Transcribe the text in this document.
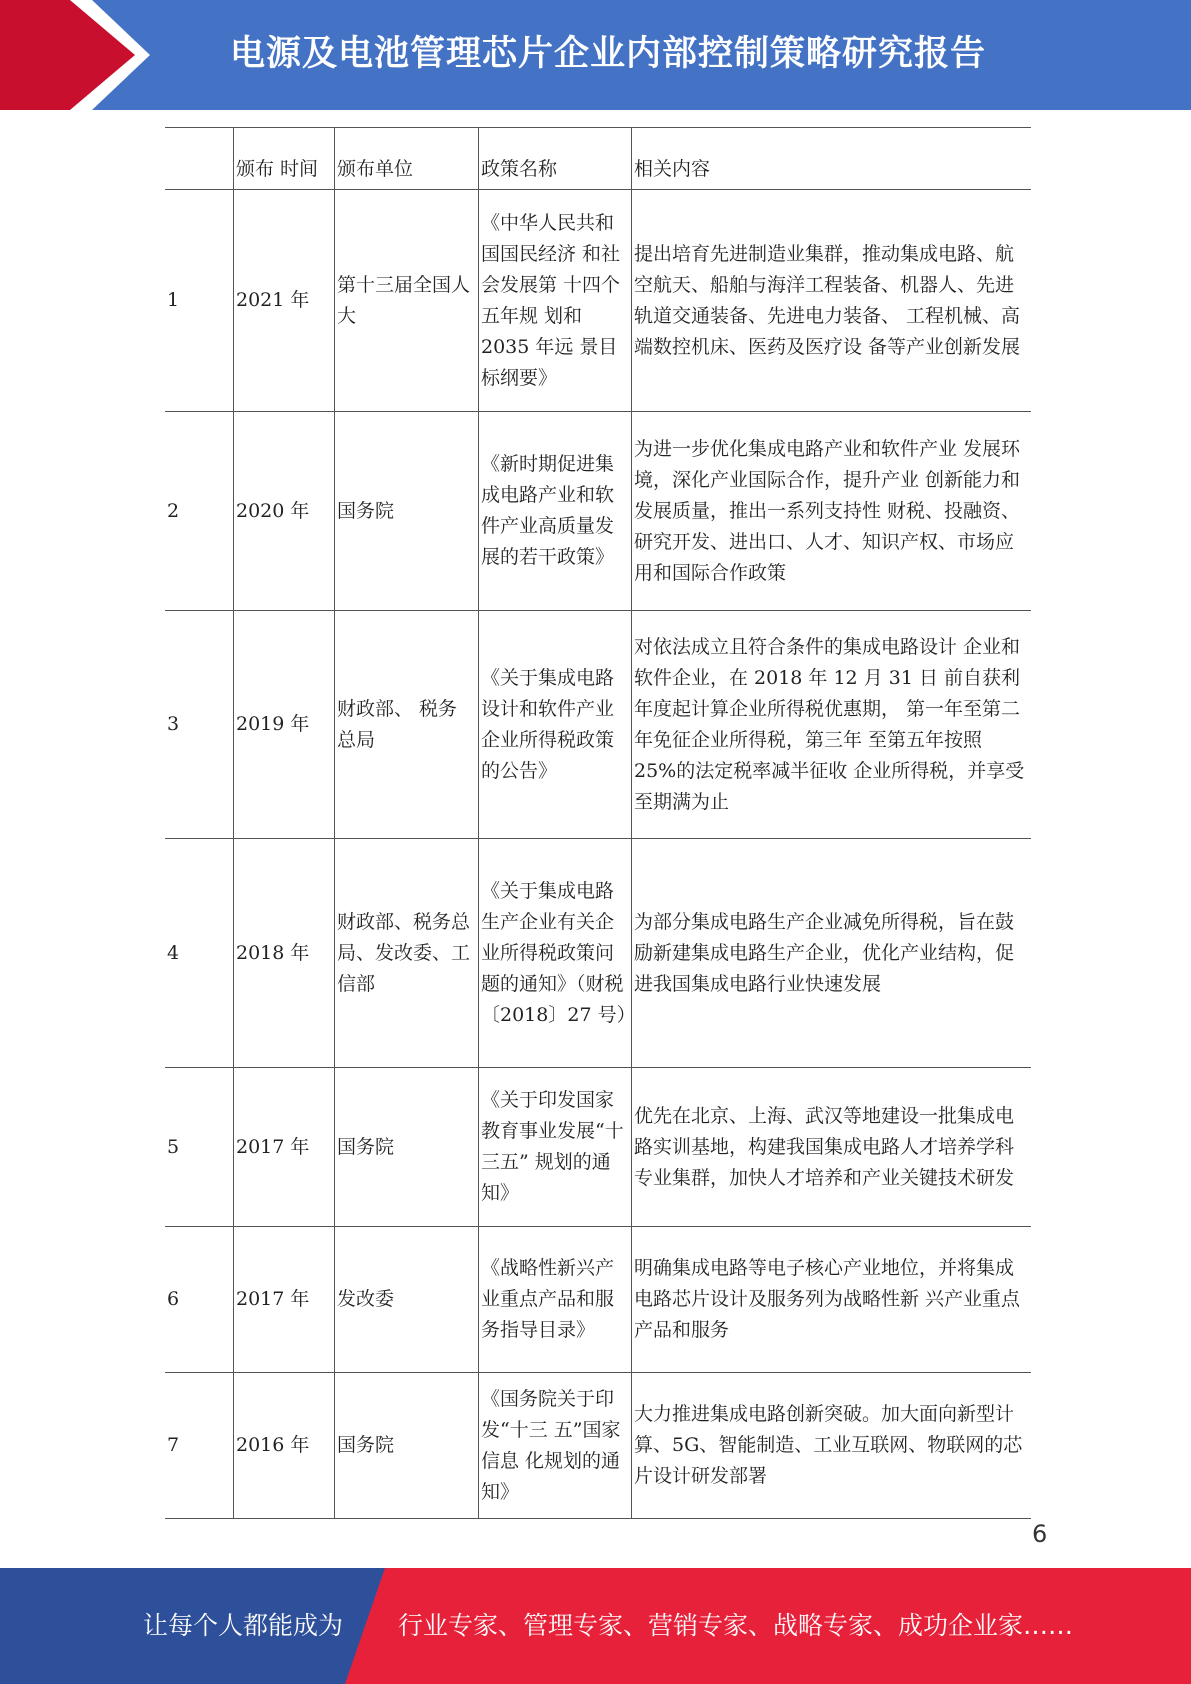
电源及电池管理芯片企业内部控制策略研究报告
	颁布 时间	颁布单位	政策名称	相关内容
1	2021 年	第十三届全国人大	《中华人民共和国国民经济 和社会发展第 十四个五年规 划和 2035 年远 景目标纲要》	提出培育先进制造业集群，推动集成电路、航空航天、船舶与海洋工程装备、机器人、先进轨道交通装备、先进电力装备、 工程机械、高端数控机床、医药及医疗设 备等产业创新发展
2	2020 年	国务院	《新时期促进集成电路产业和软件产业高质量发展的若干政策》	为进一步优化集成电路产业和软件产业 发展环境，深化产业国际合作，提升产业 创新能力和发展质量，推出一系列支持性 财税、投融资、研究开发、进出口、人才、知识产权、市场应用和国际合作政策
3	2019 年	财政部、 税务总局	《关于集成电路设计和软件产业企业所得税政策的公告》	对依法成立且符合条件的集成电路设计 企业和软件企业，在 2018 年 12 月 31 日 前自获利年度起计算企业所得税优惠期， 第一年至第二年免征企业所得税，第三年 至第五年按照 25%的法定税率减半征收 企业所得税，并享受至期满为止
4	2018 年	财政部、税务总局、发改委、工信部	《关于集成电路生产企业有关企业所得税政策问题的通知》（财税〔2018〕27 号）	为部分集成电路生产企业减免所得税，旨在鼓励新建集成电路生产企业，优化产业结构，促进我国集成电路行业快速发展
5	2017 年	国务院	《关于印发国家教育事业发展“十三五” 规划的通知》	优先在北京、上海、武汉等地建设一批集成电路实训基地，构建我国集成电路人才培养学科专业集群，加快人才培养和产业关键技术研发
6	2017 年	发改委	《战略性新兴产业重点产品和服务指导目录》	明确集成电路等电子核心产业地位，并将集成电路芯片设计及服务列为战略性新 兴产业重点产品和服务
7	2016 年	国务院	《国务院关于印发“十三 五”国家信息 化规划的通 知》	大力推进集成电路创新突破。加大面向新型计算、5G、智能制造、工业互联网、物联网的芯片设计研发部署
6
让每个人都能成为 行业专家、管理专家、营销专家、战略专家、成功企业家……
